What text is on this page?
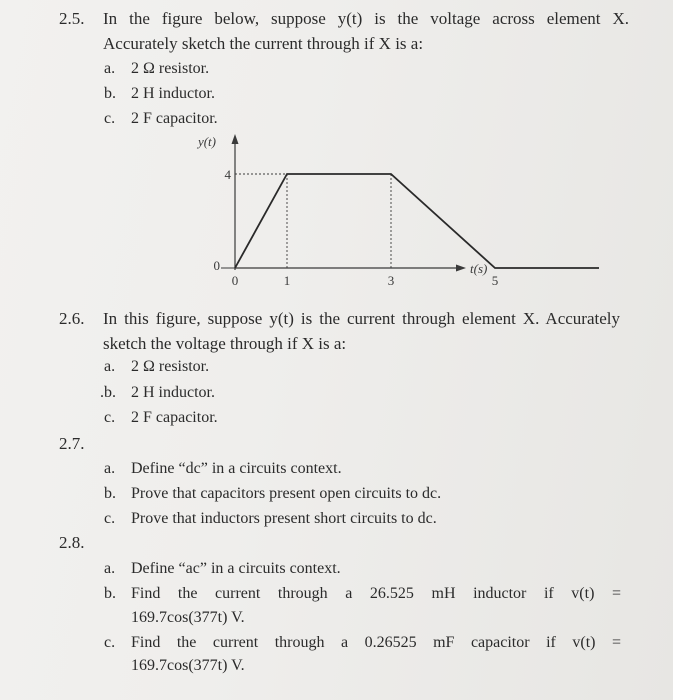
2.5. In the figure below, suppose y(t) is the voltage across element X.
Accurately sketch the current through if X is a:
a. 2 Ω resistor.
b. 2 H inductor.
c. 2 F capacitor.
y(t)
4
0
0	1	3	5
t(s)
2.6. In this figure, suppose y(t) is the current through element X. Accurately
sketch the voltage through if X is a:
a. 2 Ω resistor.
.b. 2 H inductor.
c. 2 F capacitor.
2.7.
a. Define “dc” in a circuits context.
b. Prove that capacitors present open circuits to dc.
c. Prove that inductors present short circuits to dc.
2.8.
a. Define “ac” in a circuits context.
b. Find the current through a 26.525 mH inductor if v(t) =
169.7cos(377t) V.
c. Find the current through a 0.26525 mF capacitor if v(t) =
169.7cos(377t) V.
